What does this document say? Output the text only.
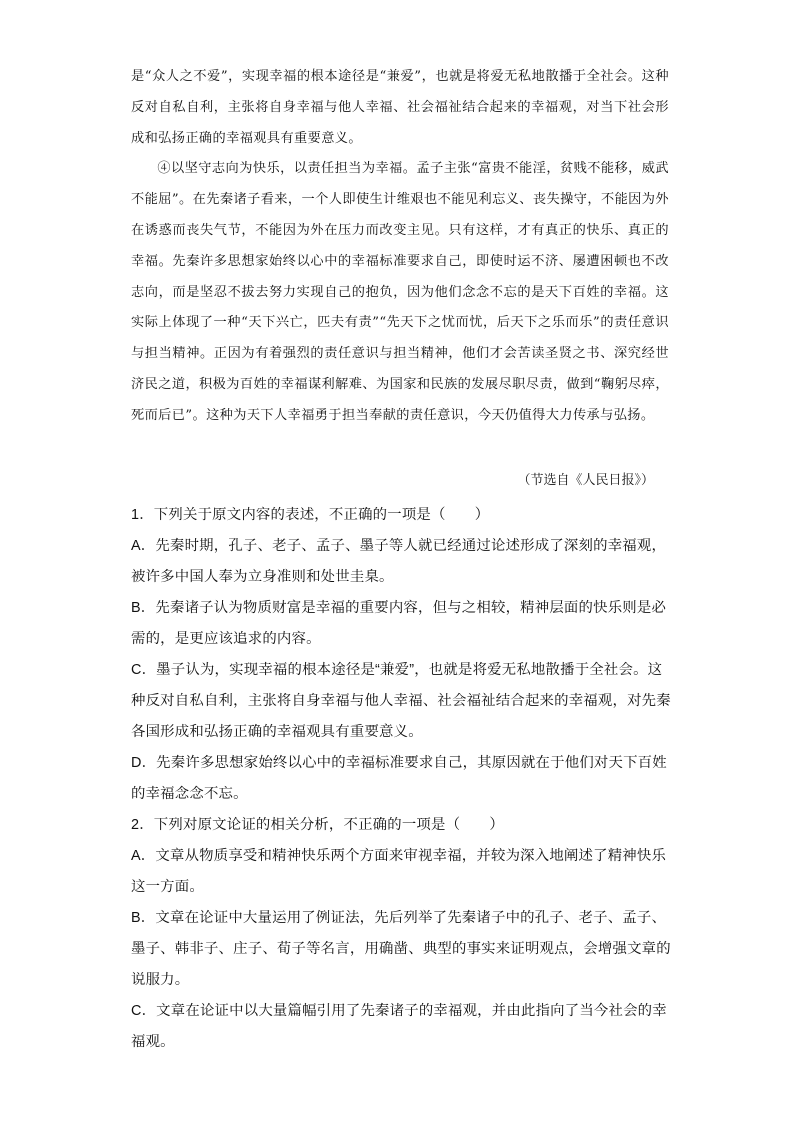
是“众人之不爱”，实现幸福的根本途径是“兼爱”，也就是将爱无私地散播于全社会。这种反对自私自利，主张将自身幸福与他人幸福、社会福祉结合起来的幸福观，对当下社会形成和弘扬正确的幸福观具有重要意义。

④以坚守志向为快乐，以责任担当为幸福。孟子主张“富贵不能淫，贫贱不能移，威武不能屈”。在先秦诸子看来，一个人即使生计维艰也不能见利忘义、丧失操守，不能因为外在诱惑而丧失气节，不能因为外在压力而改变主见。只有这样，才有真正的快乐、真正的幸福。先秦许多思想家始终以心中的幸福标准要求自己，即使时运不济、屡遭困顿也不改志向，而是坚忍不拔去努力实现自己的抱负，因为他们念念不忘的是天下百姓的幸福。这实际上体现了一种“天下兴亡，匹夫有责”“先天下之忧而忧，后天下之乐而乐”的责任意识与担当精神。正因为有着强烈的责任意识与担当精神，他们才会苦读圣贤之书、深究经世济民之道，积极为百姓的幸福谋利解难、为国家和民族的发展尽职尽责，做到“鞠躬尽瘁，死而后已”。这种为天下人幸福勇于担当奉献的责任意识，今天仍值得大力传承与弘扬。

（节选自《人民日报》）

1．下列关于原文内容的表述，不正确的一项是（　　）

A．先秦时期，孔子、老子、孟子、墨子等人就已经通过论述形成了深刻的幸福观，被许多中国人奉为立身准则和处世圭臬。

B．先秦诸子认为物质财富是幸福的重要内容，但与之相较，精神层面的快乐则是必需的，是更应该追求的内容。

C．墨子认为，实现幸福的根本途径是“兼爱”，也就是将爱无私地散播于全社会。这种反对自私自利，主张将自身幸福与他人幸福、社会福祉结合起来的幸福观，对先秦各国形成和弘扬正确的幸福观具有重要意义。

D．先秦许多思想家始终以心中的幸福标准要求自己，其原因就在于他们对天下百姓的幸福念念不忘。

2．下列对原文论证的相关分析，不正确的一项是（　　）

A．文章从物质享受和精神快乐两个方面来审视幸福，并较为深入地阐述了精神快乐这一方面。

B．文章在论证中大量运用了例证法，先后列举了先秦诸子中的孔子、老子、孟子、墨子、韩非子、庄子、荀子等名言，用确凿、典型的事实来证明观点，会增强文章的说服力。

C．文章在论证中以大量篇幅引用了先秦诸子的幸福观，并由此指向了当今社会的幸福观。
